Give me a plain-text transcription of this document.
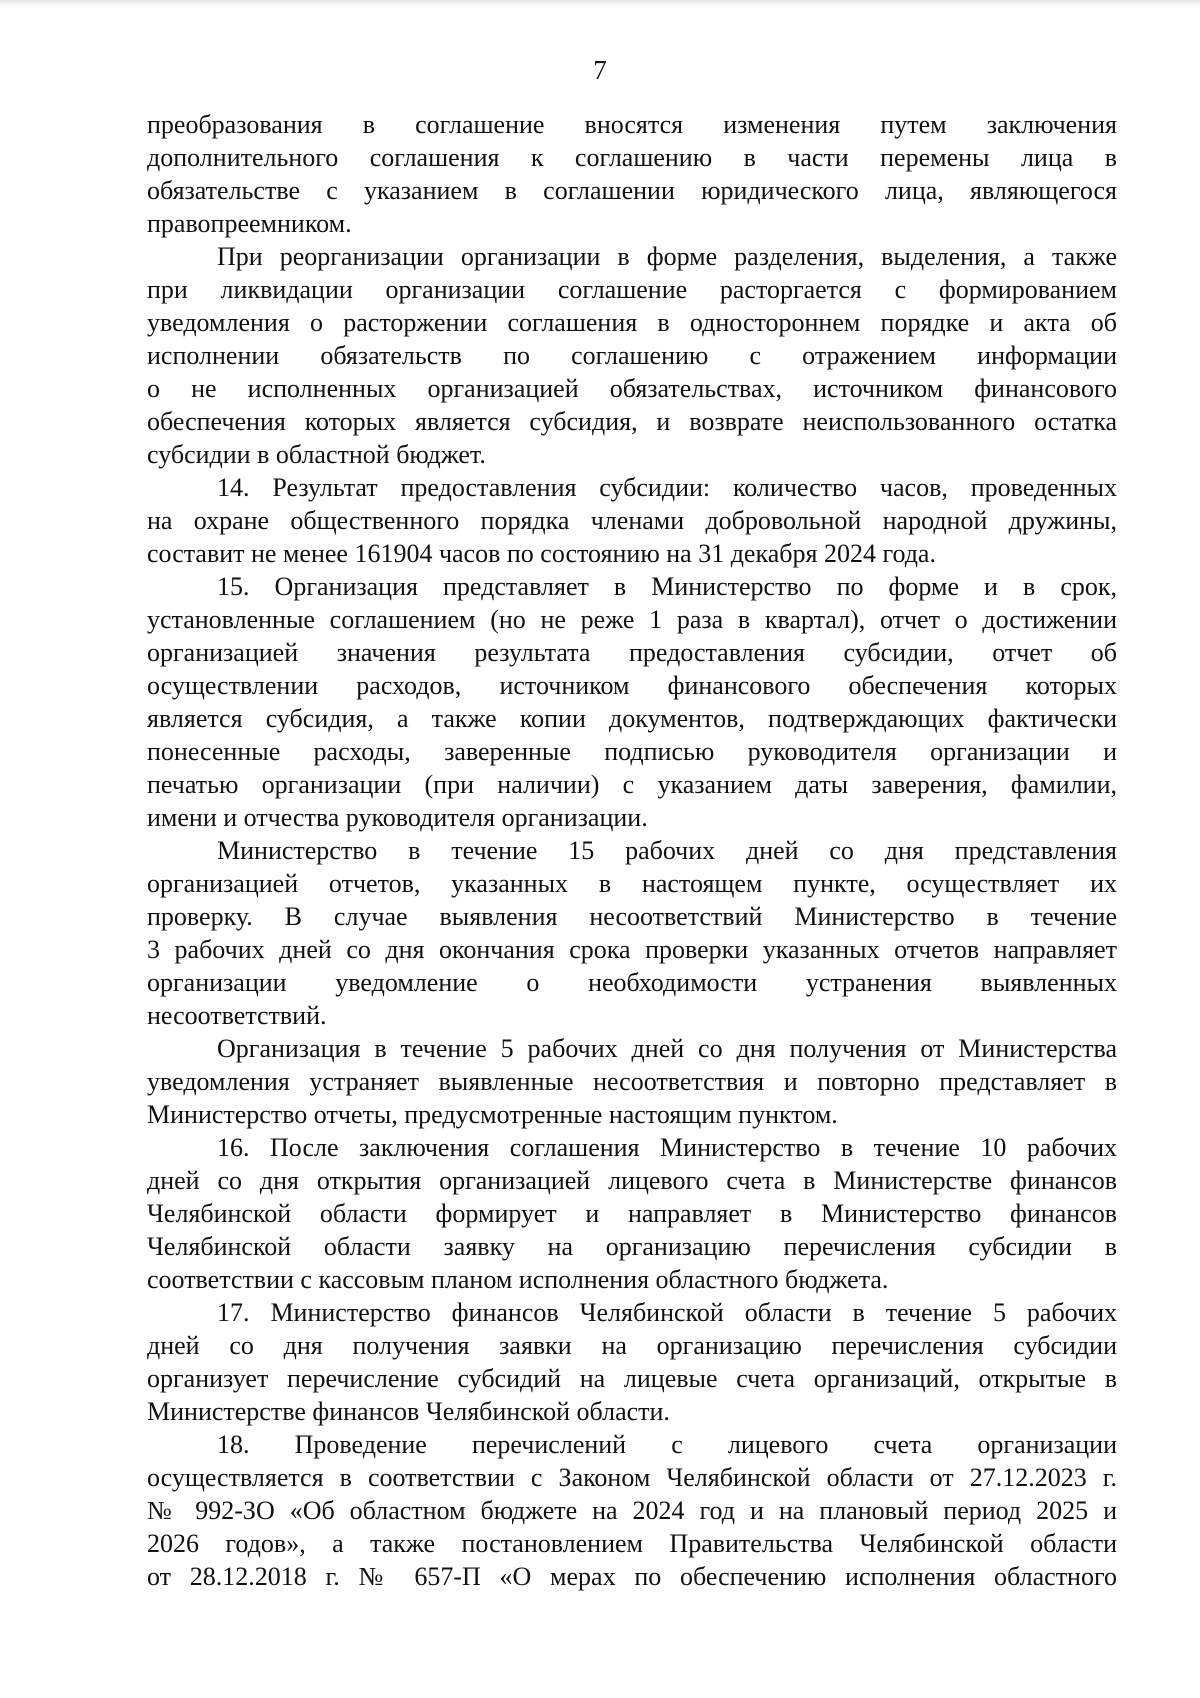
7
преобразования в соглашение вносятся изменения путем заключения
дополнительного соглашения к соглашению в части перемены лица в
обязательстве с указанием в соглашении юридического лица, являющегося
правопреемником.
При реорганизации организации в форме разделения, выделения, а также
при ликвидации организации соглашение расторгается с формированием
уведомления о расторжении соглашения в одностороннем порядке и акта об
исполнении обязательств по соглашению с отражением информации
о не исполненных организацией обязательствах, источником финансового
обеспечения которых является субсидия, и возврате неиспользованного остатка
субсидии в областной бюджет.
14. Результат предоставления субсидии: количество часов, проведенных
на охране общественного порядка членами добровольной народной дружины,
составит не менее 161904 часов по состоянию на 31 декабря 2024 года.
15. Организация представляет в Министерство по форме и в срок,
установленные соглашением (но не реже 1 раза в квартал), отчет о достижении
организацией значения результата предоставления субсидии, отчет об
осуществлении расходов, источником финансового обеспечения которых
является субсидия, а также копии документов, подтверждающих фактически
понесенные расходы, заверенные подписью руководителя организации и
печатью организации (при наличии) с указанием даты заверения, фамилии,
имени и отчества руководителя организации.
Министерство в течение 15 рабочих дней со дня представления
организацией отчетов, указанных в настоящем пункте, осуществляет их
проверку. В случае выявления несоответствий Министерство в течение
3 рабочих дней со дня окончания срока проверки указанных отчетов направляет
организации уведомление о необходимости устранения выявленных
несоответствий.
Организация в течение 5 рабочих дней со дня получения от Министерства
уведомления устраняет выявленные несоответствия и повторно представляет в
Министерство отчеты, предусмотренные настоящим пунктом.
16. После заключения соглашения Министерство в течение 10 рабочих
дней со дня открытия организацией лицевого счета в Министерстве финансов
Челябинской области формирует и направляет в Министерство финансов
Челябинской области заявку на организацию перечисления субсидии в
соответствии с кассовым планом исполнения областного бюджета.
17. Министерство финансов Челябинской области в течение 5 рабочих
дней со дня получения заявки на организацию перечисления субсидии
организует перечисление субсидий на лицевые счета организаций, открытые в
Министерстве финансов Челябинской области.
18. Проведение перечислений с лицевого счета организации
осуществляется в соответствии с Законом Челябинской области от 27.12.2023 г.
№ 992-ЗО «Об областном бюджете на 2024 год и на плановый период 2025 и
2026 годов», а также постановлением Правительства Челябинской области
от 28.12.2018 г. № 657-П «О мерах по обеспечению исполнения областного
